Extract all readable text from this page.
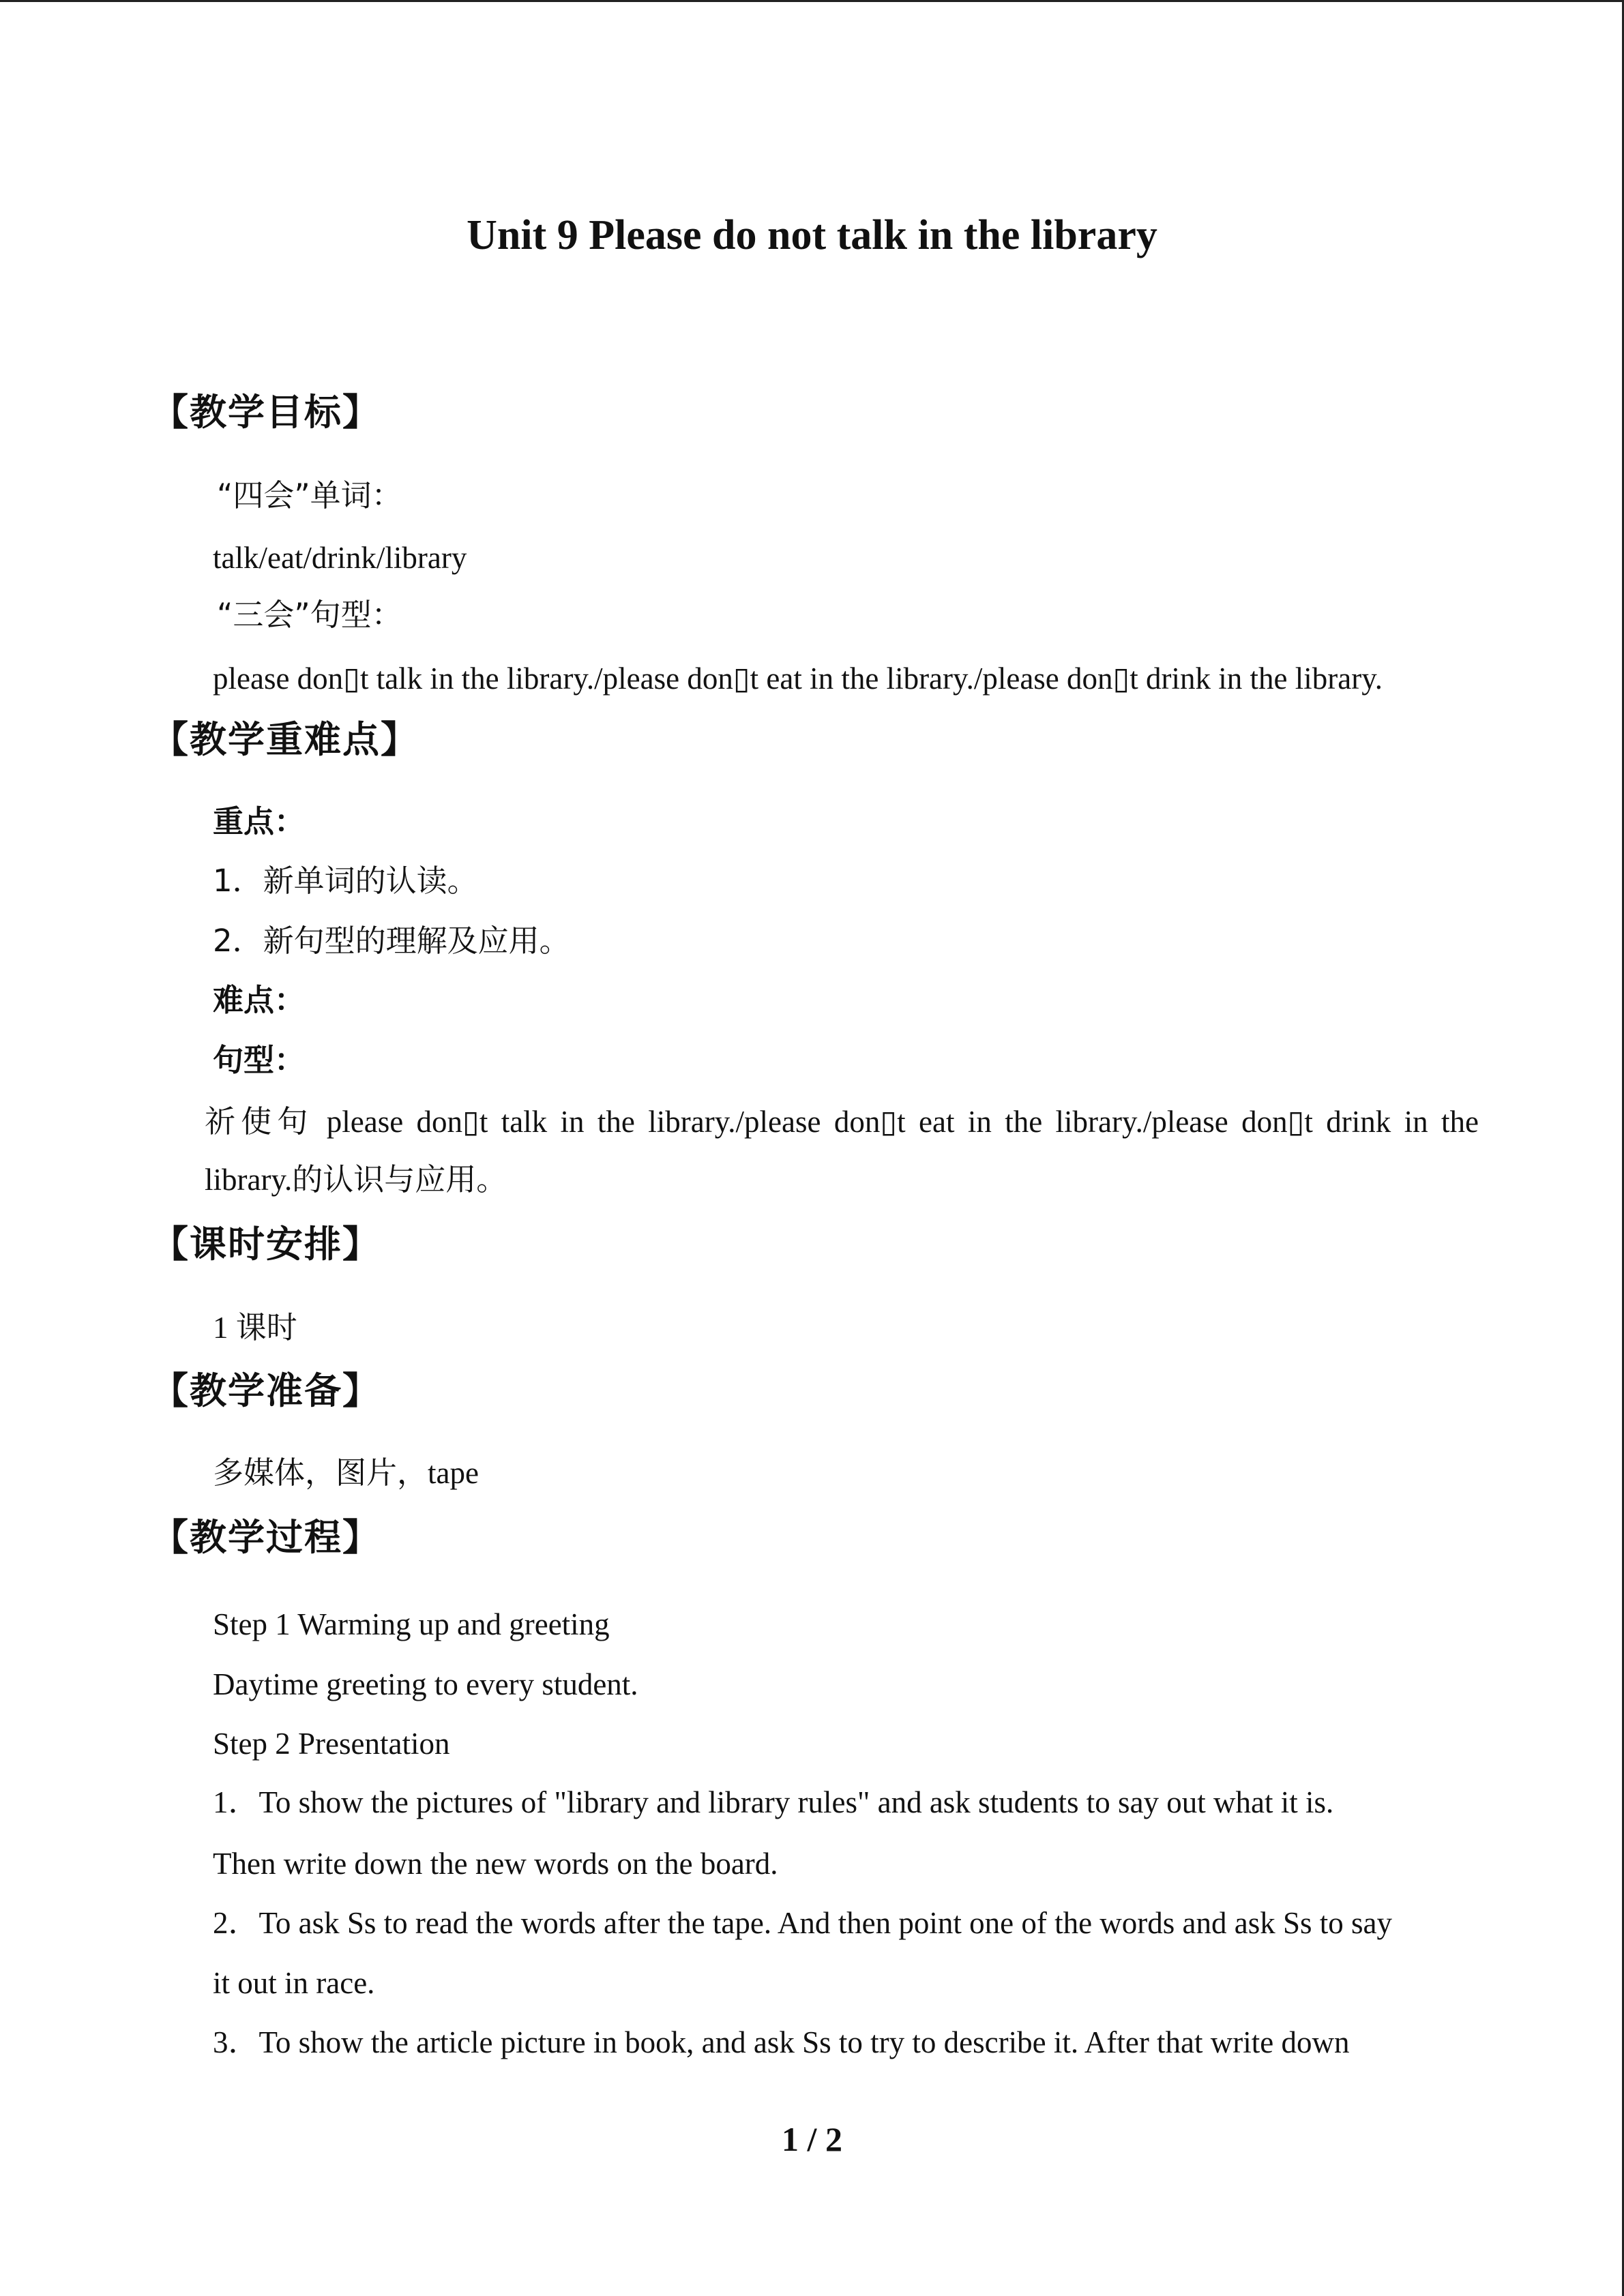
Unit 9 Please do not talk in the library
【教学目标】
“四会”单词：
talk/eat/drink/library
“三会”句型：
please don▯t talk in the library./please don▯t eat in the library./please don▯t drink in the library.
【教学重难点】
重点：
1．新单词的认读。
2．新句型的理解及应用。
难点：
句型：
祈使句 please don▯t talk in the library./please don▯t eat in the library./please don▯t drink in the
library.的认识与应用。
【课时安排】
1 课时
【教学准备】
多媒体，图片，tape
【教学过程】
Step 1 Warming up and greeting
Daytime greeting to every student.
Step 2 Presentation
1．To show the pictures of "library and library rules" and ask students to say out what it is.
Then write down the new words on the board.
2．To ask Ss to read the words after the tape. And then point one of the words and ask Ss to say
it out in race.
3．To show the article picture in book, and ask Ss to try to describe it. After that write down
1 / 2
